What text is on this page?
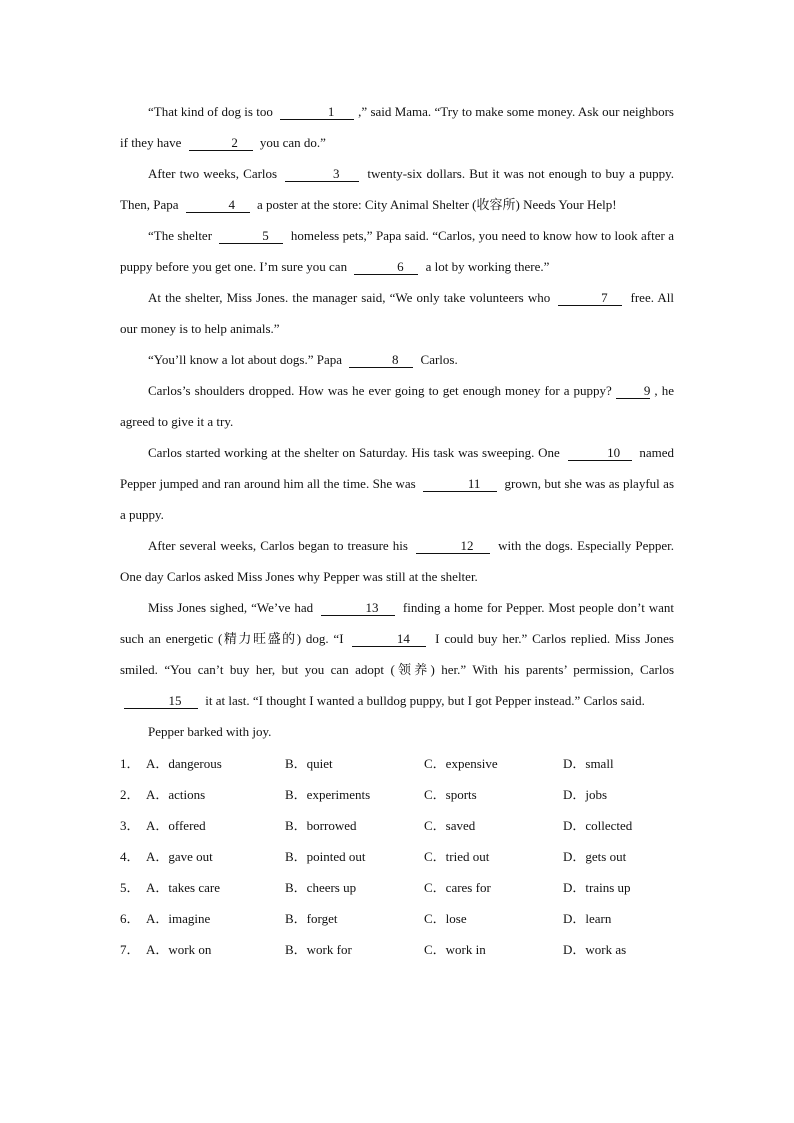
“That kind of dog is too	1 ,” said Mama. “Try to make some money. Ask our neighbors if they have	2 you can do.”

After two weeks, Carlos	3 twenty-six dollars. But it was not enough to buy a puppy. Then, Papa	4 a poster at the store: City Animal Shelter (收容所) Needs Your Help!

“The shelter	5 homeless pets,” Papa said. “Carlos, you need to know how to look after a puppy before you get one. I’m sure you can	6 a lot by working there.”

At the shelter, Miss Jones. the manager said, “We only take volunteers who	7 free. All our money is to help animals.”

“You’ll know a lot about dogs.” Papa	8 Carlos.

Carlos’s shoulders dropped. How was he ever going to get enough money for a puppy? 9 , he agreed to give it a try.

Carlos started working at the shelter on Saturday. His task was sweeping. One	10 named Pepper jumped and ran around him all the time. She was	11 grown, but she was as playful as a puppy.

After several weeks, Carlos began to treasure his	12 with the dogs. Especially Pepper. One day Carlos asked Miss Jones why Pepper was still at the shelter.

Miss Jones sighed, “We’ve had	13 finding a home for Pepper. Most people don’t want such an energetic (精力旺盛的) dog. “I	14 I could buy her.” Carlos replied. Miss Jones smiled. “You can’t buy her, but you can adopt (领养) her.” With his parents’ permission, Carlos 15 it at last. “I thought I wanted a bulldog puppy, but I got Pepper instead.” Carlos said.

Pepper barked with joy.

1． A．dangerous	B．quiet	C．expensive	D．small
2． A．actions	B．experiments	C．sports	D．jobs
3． A．offered	B．borrowed	C．saved	D．collected
4． A．gave out	B．pointed out	C．tried out	D．gets out
5． A．takes care	B．cheers up	C．cares for	D．trains up
6． A．imagine	B．forget	C．lose	D．learn
7． A．work on	B．work for	C．work in	D．work as
